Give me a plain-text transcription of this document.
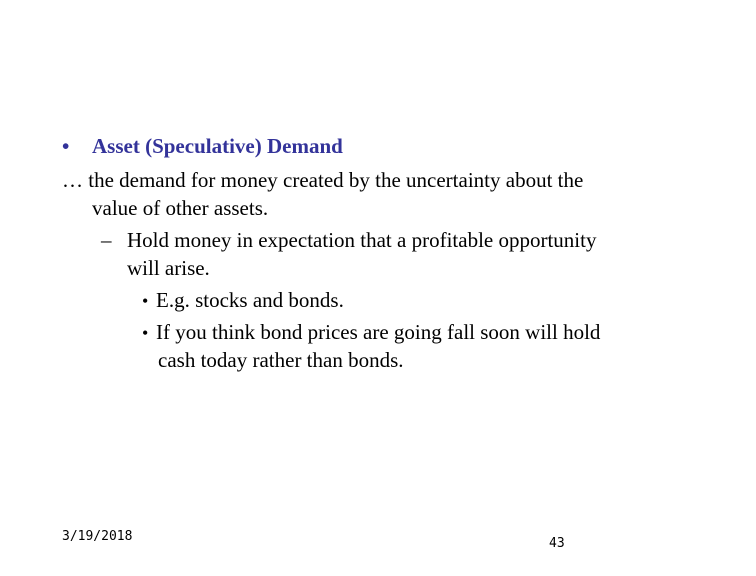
• Asset (Speculative) Demand
… the demand for money created by the uncertainty about the
value of other assets.
– Hold money in expectation that a profitable opportunity
will arise.
• E.g. stocks and bonds.
• If you think bond prices are going fall soon will hold
cash today rather than bonds.
3/19/2018	43
